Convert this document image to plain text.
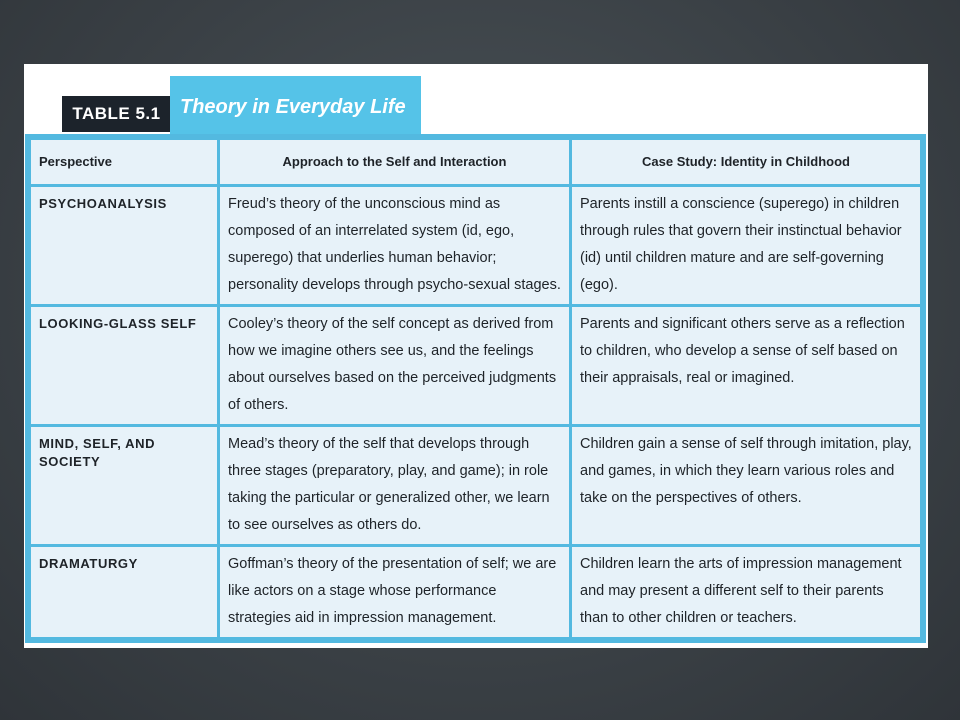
TABLE 5.1 Theory in Everyday Life
Perspective	Approach to the Self and Interaction	Case Study: Identity in Childhood
PSYCHOANALYSIS	Freud’s theory of the unconscious mind as composed of an interrelated system (id, ego, superego) that underlies human behavior; personality develops through psycho-sexual stages.	Parents instill a conscience (superego) in children through rules that govern their instinctual behavior (id) until children mature and are self-governing (ego).
LOOKING-GLASS SELF	Cooley’s theory of the self concept as derived from how we imagine others see us, and the feelings about ourselves based on the perceived judgments of others.	Parents and significant others serve as a reflection to children, who develop a sense of self based on their appraisals, real or imagined.
MIND, SELF, AND SOCIETY	Mead’s theory of the self that develops through three stages (preparatory, play, and game); in role taking the particular or generalized other, we learn to see ourselves as others do.	Children gain a sense of self through imitation, play, and games, in which they learn various roles and take on the perspectives of others.
DRAMATURGY	Goffman’s theory of the presentation of self; we are like actors on a stage whose performance strategies aid in impression management.	Children learn the arts of impression management and may present a different self to their parents than to other children or teachers.
